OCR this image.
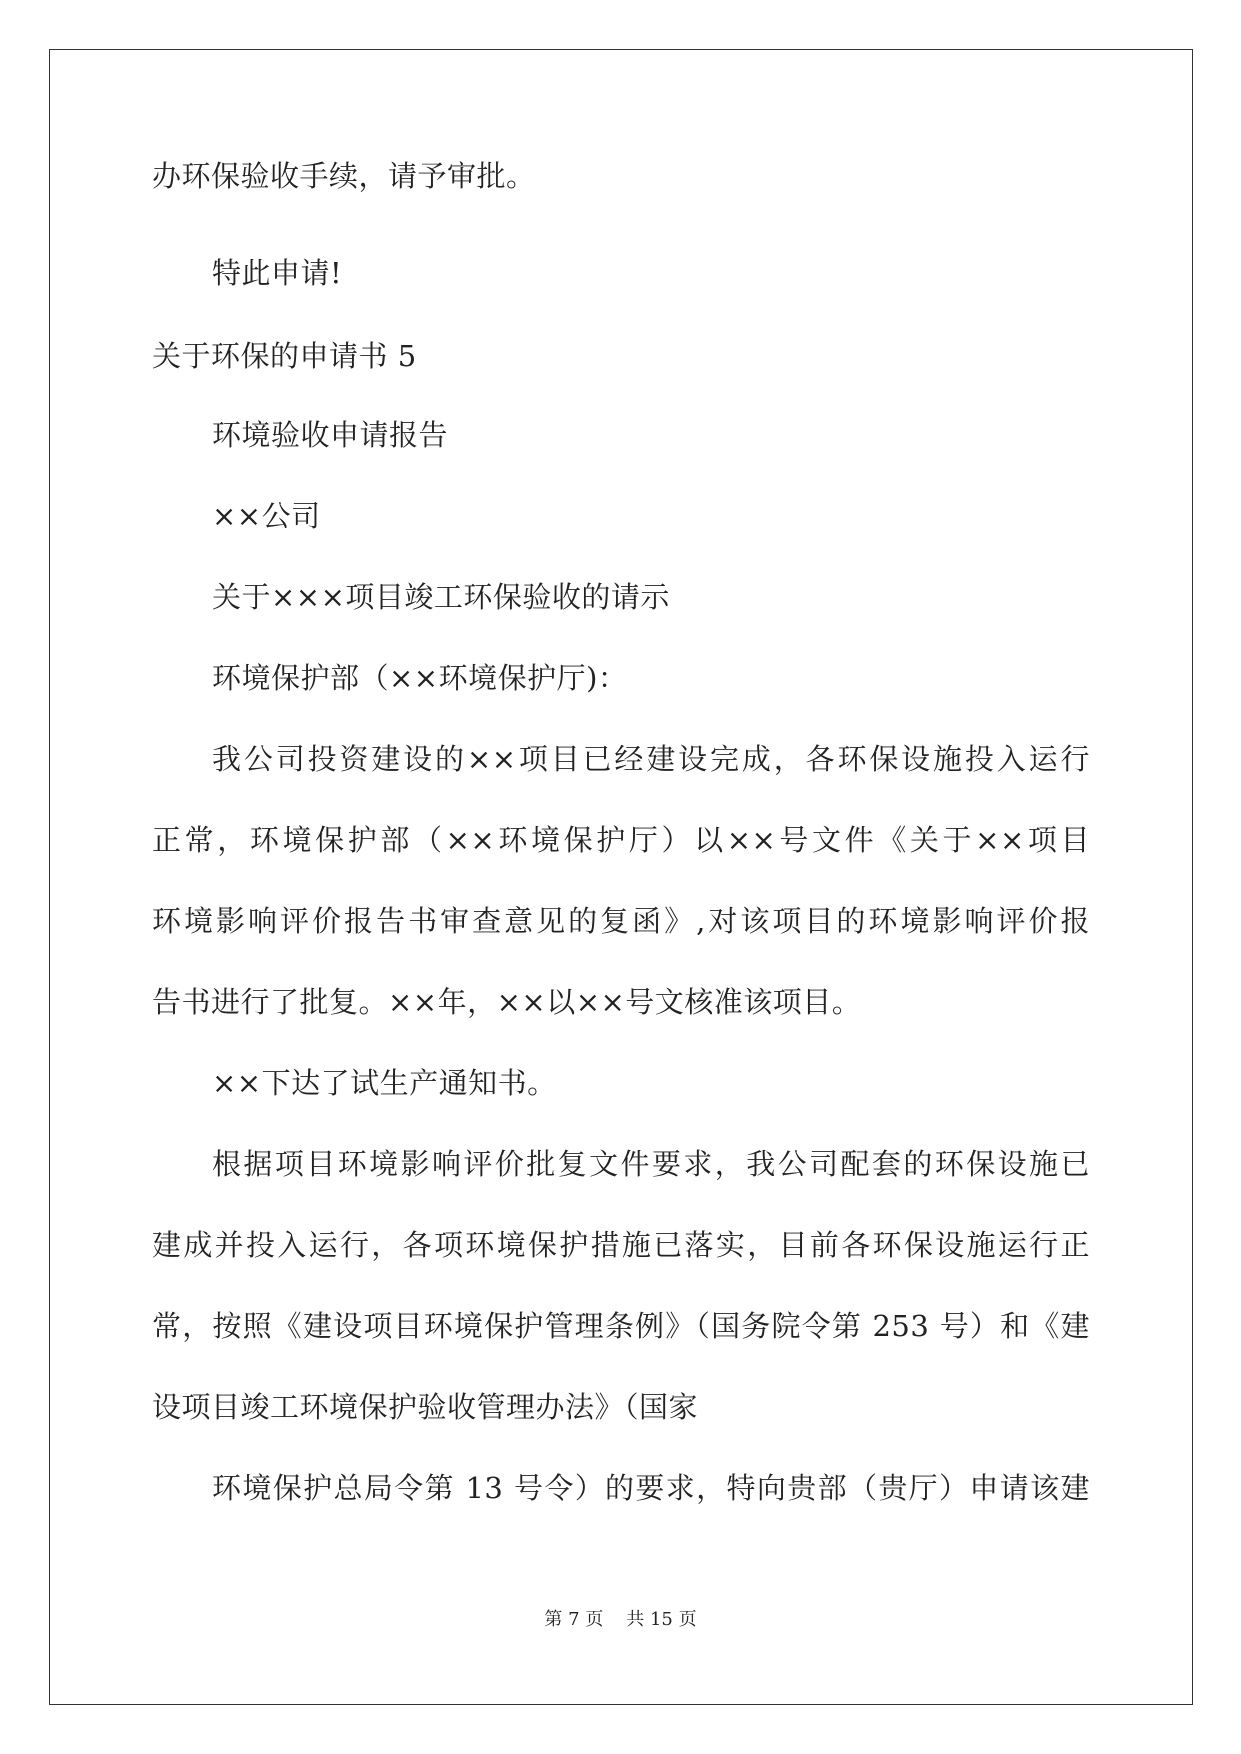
办环保验收手续，请予审批。
特此申请!
关于环保的申请书 5
环境验收申请报告
××公司
关于×××项目竣工环保验收的请示
环境保护部（××环境保护厅)：
我公司投资建设的××项目已经建设完成，各环保设施投入运行
正常，环境保护部（××环境保护厅）以××号文件《关于××项目
环境影响评价报告书审查意见的复函》,对该项目的环境影响评价报
告书进行了批复。××年，××以××号文核准该项目。
××下达了试生产通知书。
根据项目环境影响评价批复文件要求，我公司配套的环保设施已
建成并投入运行，各项环境保护措施已落实，目前各环保设施运行正
常，按照《建设项目环境保护管理条例》（国务院令第 253 号）和《建
设项目竣工环境保护验收管理办法》（国家
环境保护总局令第 13 号令）的要求，特向贵部（贵厅）申请该建
第 7 页 共 15 页
